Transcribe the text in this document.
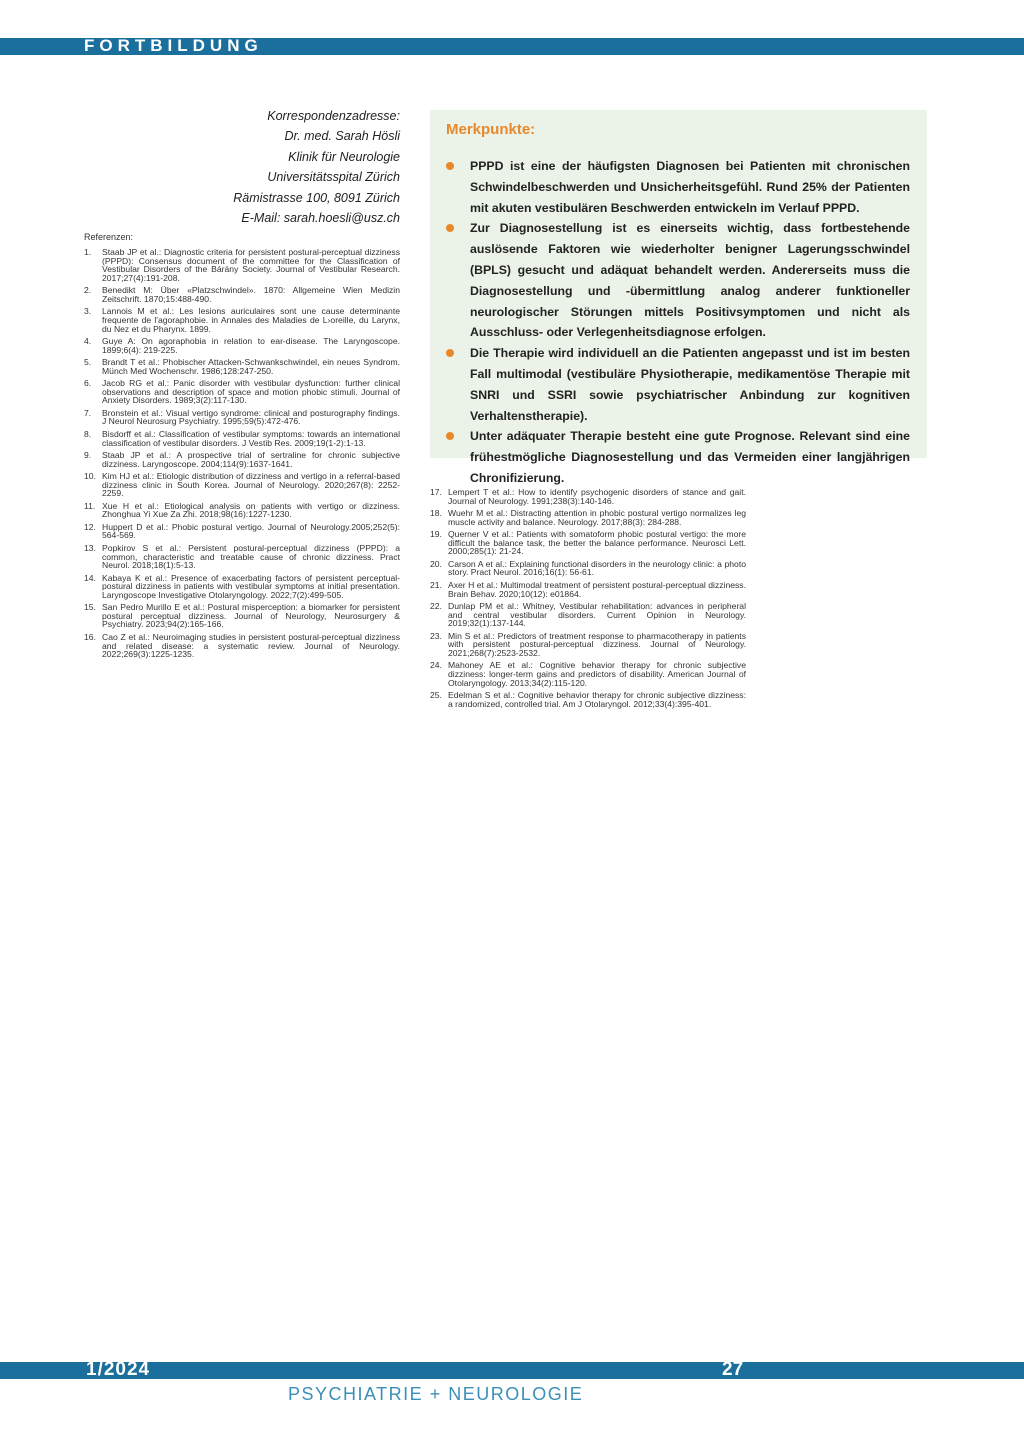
FORTBILDUNG
Korrespondenzadresse:
Dr. med. Sarah Hösli
Klinik für Neurologie
Universitätsspital Zürich
Rämistrasse 100, 8091 Zürich
E-Mail: sarah.hoesli@usz.ch
Referenzen:
1.	Staab JP et al.: Diagnostic criteria for persistent postural-perceptual dizziness (PPPD): Consensus document of the committee for the Classification of Vestibular Disorders of the Bárány Society. Journal of Vestibular Research. 2017;27(4):191-208.
2.	Benedikt M: Über «Platzschwindel». 1870: Allgemeine Wien Medizin Zeitschrift. 1870;15:488-490.
3.	Lannois M et al.: Les lesions auriculaires sont une cause determinante frequente de l'agoraphobie. in Annales des Maladies de L›oreille, du Larynx, du Nez et du Pharynx. 1899.
4.	Guye A: On agoraphobia in relation to ear-disease. The Laryngoscope. 1899;6(4): 219-225.
5.	Brandt T et al.: Phobischer Attacken-Schwankschwindel, ein neues Syndrom. Münch Med Wochenschr. 1986;128:247-250.
6.	Jacob RG et al.: Panic disorder with vestibular dysfunction: further clinical observations and description of space and motion phobic stimuli. Journal of Anxiety Disorders. 1989;3(2):117-130.
7.	Bronstein et al.: Visual vertigo syndrome: clinical and posturography findings. J Neurol Neurosurg Psychiatry. 1995;59(5):472-476.
8.	Bisdorff et al.: Classification of vestibular symptoms: towards an international classification of vestibular disorders. J Vestib Res. 2009;19(1-2):1-13.
9.	Staab JP et al.: A prospective trial of sertraline for chronic subjective dizziness. Laryngoscope. 2004;114(9):1637-1641.
10. Kim HJ et al.: Etiologic distribution of dizziness and vertigo in a referral-based dizziness clinic in South Korea. Journal of Neurology. 2020;267(8): 2252-2259.
11. Xue H et al.: Etiological analysis on patients with vertigo or dizziness. Zhonghua Yi Xue Za Zhi. 2018;98(16):1227-1230.
12. Huppert D et al.: Phobic postural vertigo. Journal of Neurology.2005;252(5): 564-569.
13. Popkirov S et al.: Persistent postural-perceptual dizziness (PPPD): a common, characteristic and treatable cause of chronic dizziness. Pract Neurol. 2018;18(1):5-13.
14. Kabaya K et al.: Presence of exacerbating factors of persistent perceptual-postural dizziness in patients with vestibular symptoms at initial presentation. Laryngoscope Investigative Otolaryngology. 2022;7(2):499-505.
15. San Pedro Murillo E et al.: Postural misperception: a biomarker for persistent postural perceptual dizziness. Journal of Neurology, Neurosurgery & Psychiatry. 2023;94(2):165-166.
16. Cao Z et al.: Neuroimaging studies in persistent postural-perceptual dizziness and related disease: a systematic review. Journal of Neurology. 2022;269(3):1225-1235.
17. Lempert T et al.: How to identify psychogenic disorders of stance and gait. Journal of Neurology. 1991;238(3):140-146.
18. Wuehr M et al.: Distracting attention in phobic postural vertigo normalizes leg muscle activity and balance. Neurology. 2017;88(3): 284-288.
19. Querner V et al.: Patients with somatoform phobic postural vertigo: the more difficult the balance task, the better the balance performance. Neurosci Lett. 2000;285(1): 21-24.
20. Carson A et al.: Explaining functional disorders in the neurology clinic: a photo story. Pract Neurol. 2016;16(1): 56-61.
21. Axer H et al.: Multimodal treatment of persistent postural-perceptual dizziness. Brain Behav. 2020;10(12): e01864.
22. Dunlap PM et al.: Whitney, Vestibular rehabilitation: advances in peripheral and central vestibular disorders. Current Opinion in Neurology. 2019;32(1):137-144.
23. Min S et al.: Predictors of treatment response to pharmacotherapy in patients with persistent postural-perceptual dizziness. Journal of Neurology. 2021;268(7):2523-2532.
24. Mahoney AE et al.: Cognitive behavior therapy for chronic subjective dizziness: longer-term gains and predictors of disability. American Journal of Otolaryngology. 2013;34(2):115-120.
25. Edelman S et al.: Cognitive behavior therapy for chronic subjective dizziness: a randomized, controlled trial. Am J Otolaryngol. 2012;33(4):395-401.
Merkpunkte:
PPPD ist eine der häufigsten Diagnosen bei Patienten mit chronischen Schwindelbeschwerden und Unsicherheitsgefühl. Rund 25% der Patienten mit akuten vestibulären Beschwerden entwickeln im Verlauf PPPD.
Zur Diagnosestellung ist es einerseits wichtig, dass fortbestehende auslösende Faktoren wie wiederholter benigner Lagerungsschwindel (BPLS) gesucht und adäquat behandelt werden. Andererseits muss die Diagnosestellung und -übermittlung analog anderer funktioneller neurologischer Störungen mittels Positivsymptomen und nicht als Ausschluss- oder Verlegenheitsdiagnose erfolgen.
Die Therapie wird individuell an die Patienten angepasst und ist im besten Fall multimodal (vestibuläre Physiotherapie, medikamentöse Therapie mit SNRI und SSRI sowie psychiatrischer Anbindung zur kognitiven Verhaltenstherapie).
Unter adäquater Therapie besteht eine gute Prognose. Relevant sind eine frühestmögliche Diagnosestellung und das Vermeiden einer langjährigen Chronifizierung.
1/2024	27
PSYCHIATRIE + NEUROLOGIE
